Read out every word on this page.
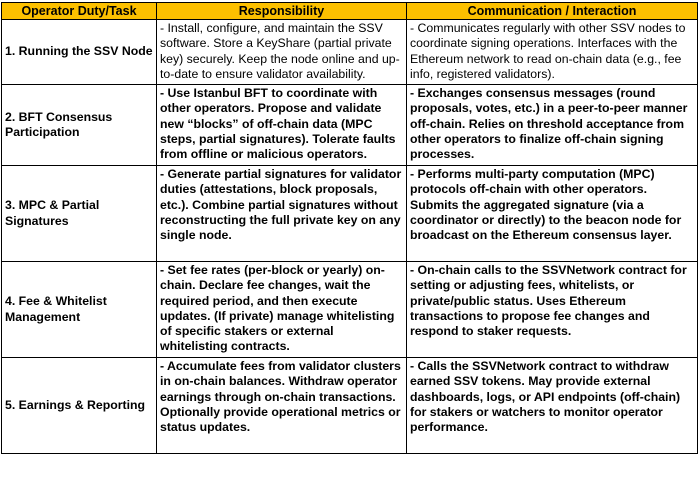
Operator Duty/Task	Responsibility	Communication / Interaction
1. Running the SSV Node	- Install, configure, and maintain the SSV software. Store a KeyShare (partial private key) securely. Keep the node online and up-to-date to ensure validator availability.	- Communicates regularly with other SSV nodes to coordinate signing operations. Interfaces with the Ethereum network to read on-chain data (e.g., fee info, registered validators).
2. BFT Consensus Participation	- Use Istanbul BFT to coordinate with other operators. Propose and validate new “blocks” of off-chain data (MPC steps, partial signatures). Tolerate faults from offline or malicious operators.	- Exchanges consensus messages (round proposals, votes, etc.) in a peer-to-peer manner off-chain. Relies on threshold acceptance from other operators to finalize off-chain signing processes.
3. MPC & Partial Signatures	- Generate partial signatures for validator duties (attestations, block proposals, etc.). Combine partial signatures without reconstructing the full private key on any single node.	- Performs multi-party computation (MPC) protocols off-chain with other operators. Submits the aggregated signature (via a coordinator or directly) to the beacon node for broadcast on the Ethereum consensus layer.
4. Fee & Whitelist Management	- Set fee rates (per-block or yearly) on-chain. Declare fee changes, wait the required period, and then execute updates. (If private) manage whitelisting of specific stakers or external whitelisting contracts.	- On-chain calls to the SSVNetwork contract for setting or adjusting fees, whitelists, or private/public status. Uses Ethereum transactions to propose fee changes and respond to staker requests.
5. Earnings & Reporting	- Accumulate fees from validator clusters in on-chain balances. Withdraw operator earnings through on-chain transactions. Optionally provide operational metrics or status updates.	- Calls the SSVNetwork contract to withdraw earned SSV tokens. May provide external dashboards, logs, or API endpoints (off-chain) for stakers or watchers to monitor operator performance.
